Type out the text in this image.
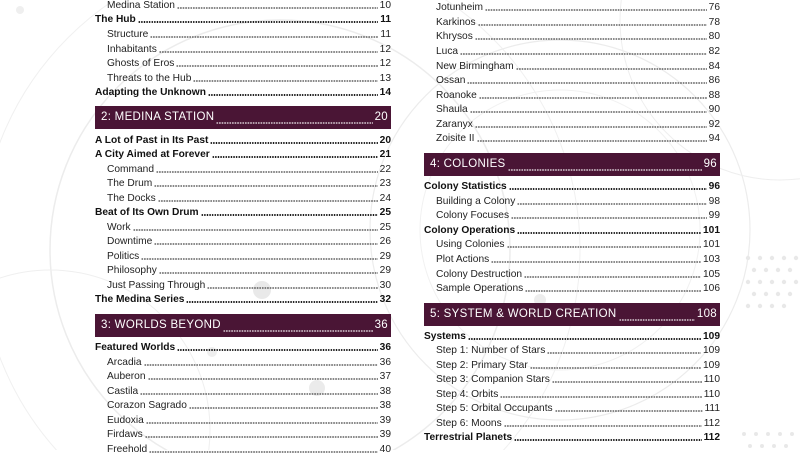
Medina Station	10
The Hub	11
Structure	11
Inhabitants	12
Ghosts of Eros	12
Threats to the Hub	13
Adapting the Unknown	14
2: MEDINA STATION	20
A Lot of Past in Its Past	20
A City Aimed at Forever	21
Command	22
The Drum	23
The Docks	24
Beat of Its Own Drum	25
Work	25
Downtime	26
Politics	29
Philosophy	29
Just Passing Through	30
The Medina Series	32
3: WORLDS BEYOND	36
Featured Worlds	36
Arcadia	36
Auberon	37
Castila	38
Corazon Sagrado	38
Eudoxia	39
Firdaws	39
Freehold	40
Jotunheim	76
Karkinos	78
Khrysos	80
Luca	82
New Birmingham	84
Ossan	86
Roanoke	88
Shaula	90
Zaranyx	92
Zoisite II	94
4: COLONIES	96
Colony Statistics	96
Building a Colony	98
Colony Focuses	99
Colony Operations	101
Using Colonies	101
Plot Actions	103
Colony Destruction	105
Sample Operations	106
5: SYSTEM & WORLD CREATION	108
Systems	109
Step 1: Number of Stars	109
Step 2: Primary Star	109
Step 3: Companion Stars	110
Step 4: Orbits	110
Step 5: Orbital Occupants	111
Step 6: Moons	112
Terrestrial Planets	112
